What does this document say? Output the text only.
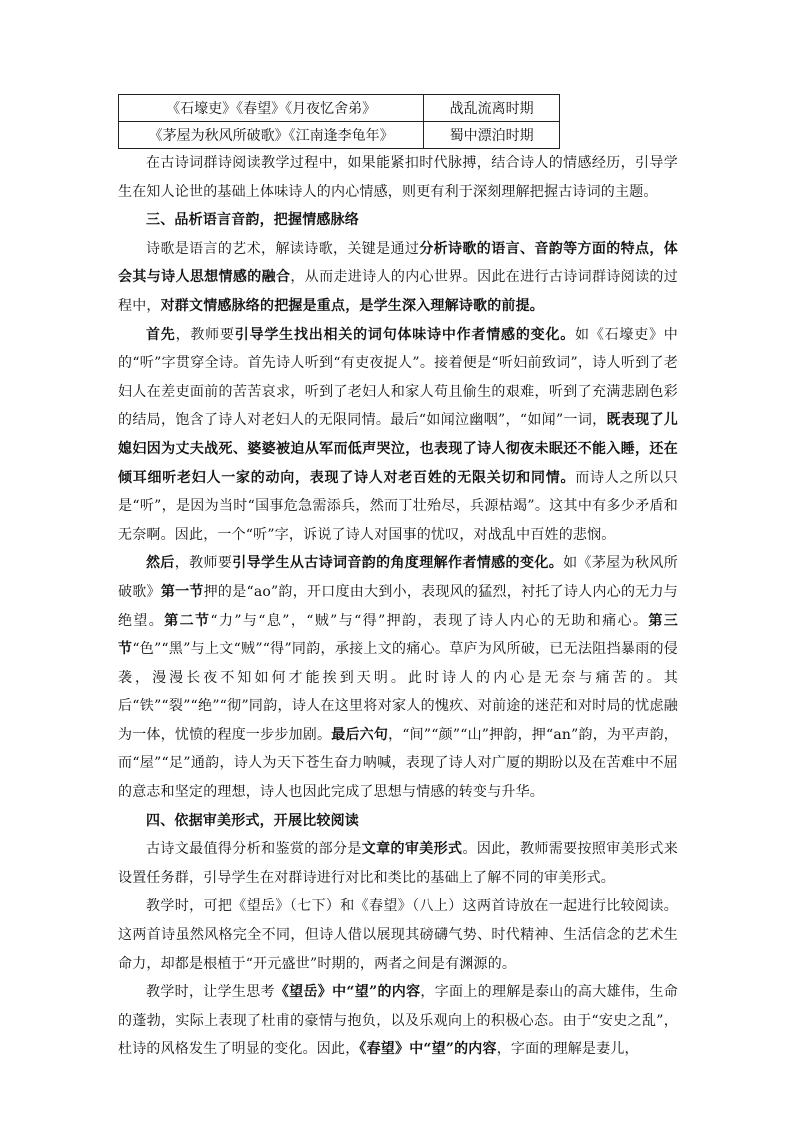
《石壕吏》《春望》《月夜忆舍弟》	战乱流离时期
《茅屋为秋风所破歌》《江南逢李龟年》	蜀中漂泊时期

在古诗词群诗阅读教学过程中，如果能紧扣时代脉搏，结合诗人的情感经历，引导学生在知人论世的基础上体味诗人的内心情感，则更有利于深刻理解把握古诗词的主题。

三、品析语言音韵，把握情感脉络

诗歌是语言的艺术，解读诗歌，关键是通过分析诗歌的语言、音韵等方面的特点，体会其与诗人思想情感的融合，从而走进诗人的内心世界。因此在进行古诗词群诗阅读的过程中，对群文情感脉络的把握是重点，是学生深入理解诗歌的前提。

首先，教师要引导学生找出相关的词句体味诗中作者情感的变化。如《石壕吏》中的“听”字贯穿全诗。首先诗人听到“有吏夜捉人”。接着便是“听妇前致词”，诗人听到了老妇人在差吏面前的苦苦哀求，听到了老妇人和家人苟且偷生的艰难，听到了充满悲剧色彩的结局，饱含了诗人对老妇人的无限同情。最后“如闻泣幽咽”，“如闻”一词，既表现了儿媳妇因为丈夫战死、婆婆被迫从军而低声哭泣，也表现了诗人彻夜未眠还不能入睡，还在倾耳细听老妇人一家的动向，表现了诗人对老百姓的无限关切和同情。而诗人之所以只是“听”，是因为当时“国事危急需添兵，然而丁壮殆尽，兵源枯竭”。这其中有多少矛盾和无奈啊。因此，一个“听”字，诉说了诗人对国事的忧叹，对战乱中百姓的悲悯。

然后，教师要引导学生从古诗词音韵的角度理解作者情感的变化。如《茅屋为秋风所破歌》第一节押的是“ao”韵，开口度由大到小，表现风的猛烈，衬托了诗人内心的无力与绝望。第二节“力”与“息”，“贼”与“得”押韵，表现了诗人内心的无助和痛心。第三节“色”“黑”与上文“贼”“得”同韵，承接上文的痛心。草庐为风所破，已无法阻挡暴雨的侵袭，漫漫长夜不知如何才能挨到天明。此时诗人的内心是无奈与痛苦的。其后“铁”“裂”“绝”“彻”同韵，诗人在这里将对家人的愧疚、对前途的迷茫和对时局的忧虑融为一体，忧愤的程度一步步加剧。最后六句，“间”“颜”“山”押韵，押“an”韵，为平声韵，而“屋”“足”通韵，诗人为天下苍生奋力呐喊，表现了诗人对广厦的期盼以及在苦难中不屈的意志和坚定的理想，诗人也因此完成了思想与情感的转变与升华。

四、依据审美形式，开展比较阅读

古诗文最值得分析和鉴赏的部分是文章的审美形式。因此，教师需要按照审美形式来设置任务群，引导学生在对群诗进行对比和类比的基础上了解不同的审美形式。

教学时，可把《望岳》（七下）和《春望》（八上）这两首诗放在一起进行比较阅读。这两首诗虽然风格完全不同，但诗人借以展现其磅礴气势、时代精神、生活信念的艺术生命力，却都是根植于“开元盛世”时期的，两者之间是有渊源的。

教学时，让学生思考《望岳》中“望”的内容，字面上的理解是泰山的高大雄伟，生命的蓬勃，实际上表现了杜甫的豪情与抱负，以及乐观向上的积极心态。由于“安史之乱”，杜诗的风格发生了明显的变化。因此，《春望》中“望”的内容，字面的理解是妻儿，
